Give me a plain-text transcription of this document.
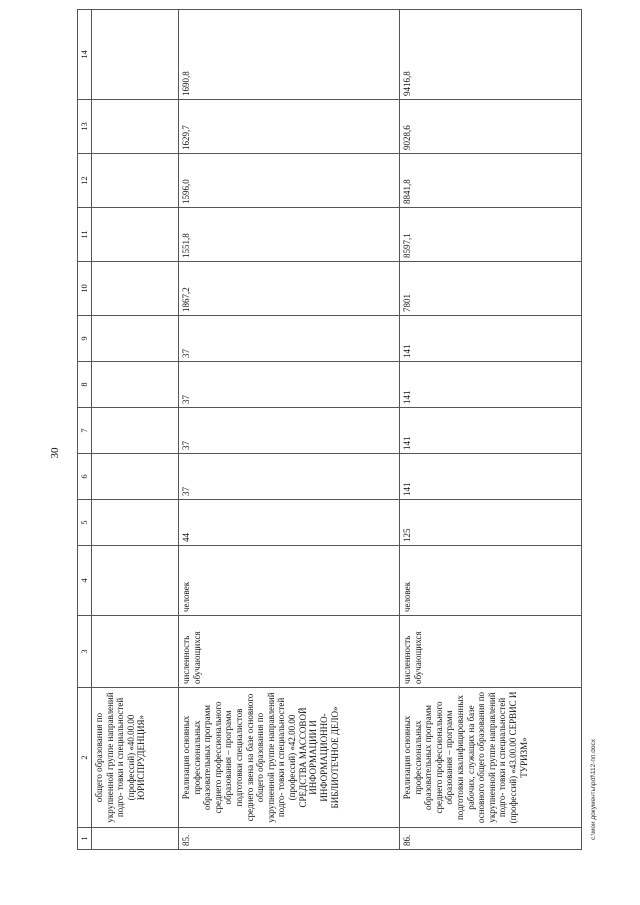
30
1	2	3	4	5	6	7	8	9	10	11	12	13	14
	общего образования по укрупненной группе направлений подго- товки и специальностей (профессий) «40.00.00 ЮРИСПРУДЕНЦИЯ»												
85.	Реализация основных профессиональных образовательных программ среднего профессионального образования – программ подготовки специалистов среднего звена на базе основного общего образования по укрупненной группе направлений подго- товки и специальностей (профессий) «42.00.00 СРЕДСТВА МАССОВОЙ ИНФОРМАЦИИ И ИНФОРМАЦИОННО- БИБЛИОТЕЧНОЕ ДЕЛО»	численность обучающихся	человек	44	37	37	37	37	1867,2	1551,8	1596,0	1629,7	1690,8
86.	Реализация основных профессиональных образовательных программ среднего профессионального образования – программ подготовки квалифицированных рабочих, служащих на базе основного общего образования по укрупненной группе направлений подго- товки и специальностей (профессий) «43.00.00 СЕРВИС И ТУРИЗМ»	численность обучающихся	человек	125	141	141	141	141	7801	8597,1	8841,8	9028,6	9416,8
c:\мои документы\pdf\112-пп.docx
